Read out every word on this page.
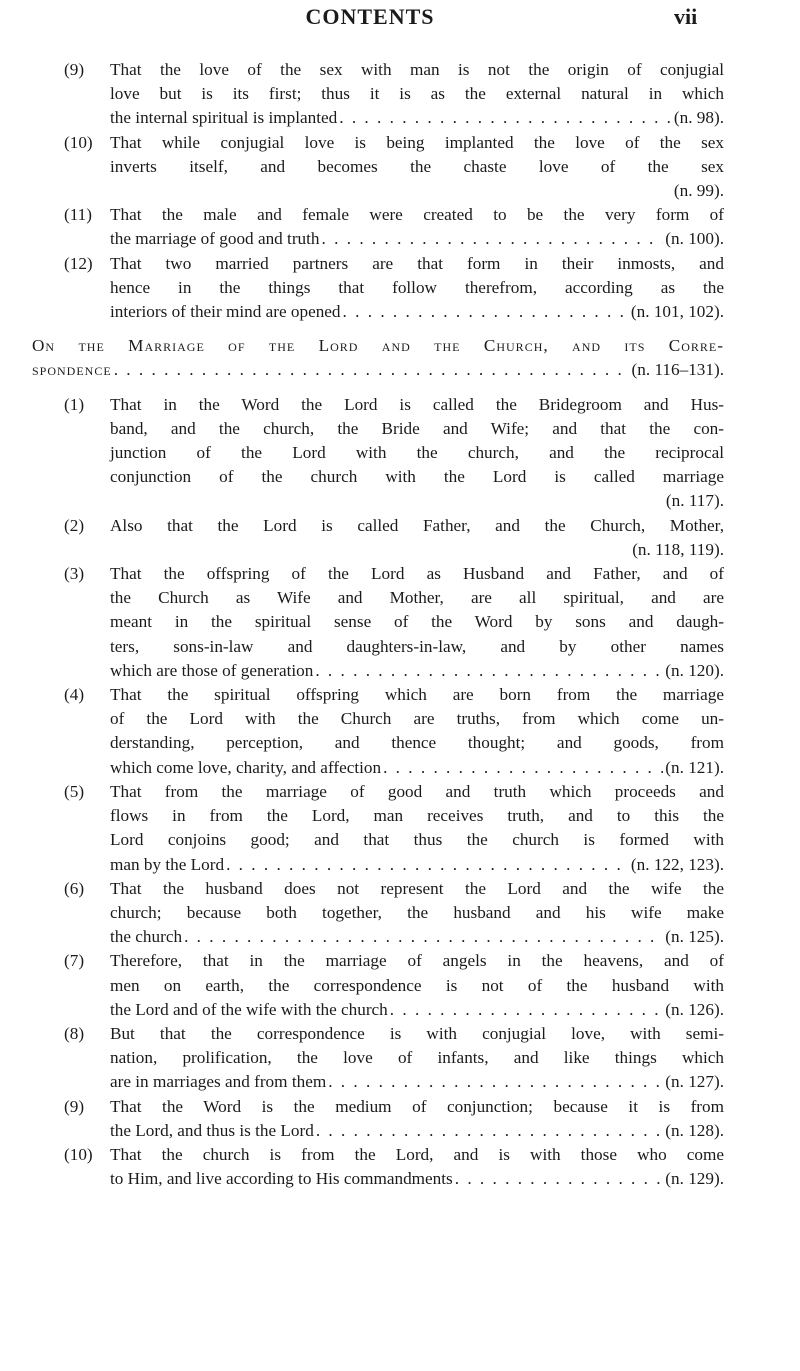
CONTENTS	vii
(9) That the love of the sex with man is not the origin of conjugial
love but is its first; thus it is as the external natural in which
the internal spiritual is implanted . . .	(n. 98).
(10) That while conjugial love is being implanted the love of the sex
inverts itself, and becomes the chaste love of the sex
(n. 99).
(11) That the male and female were created to be the very form of
the marriage of good and truth . . .	(n. 100).
(12) That two married partners are that form in their inmosts, and
hence in the things that follow therefrom, according as the
interiors of their mind are opened . . .	(n. 101, 102).
On the Marriage of the Lord and the Church, and its Corre-
spondence . . .	(n. 116–131).
(1) That in the Word the Lord is called the Bridegroom and Hus-
band, and the church, the Bride and Wife; and that the con-
junction of the Lord with the church, and the reciprocal
conjunction of the church with the Lord is called marriage
(n. 117).
(2) Also that the Lord is called Father, and the Church, Mother,
(n. 118, 119).
(3) That the offspring of the Lord as Husband and Father, and of
the Church as Wife and Mother, are all spiritual, and are
meant in the spiritual sense of the Word by sons and daugh-
ters, sons-in-law and daughters-in-law, and by other names
which are those of generation . . .	(n. 120).
(4) That the spiritual offspring which are born from the marriage
of the Lord with the Church are truths, from which come un-
derstanding, perception, and thence thought; and goods, from
which come love, charity, and affection . . .	(n. 121).
(5) That from the marriage of good and truth which proceeds and
flows in from the Lord, man receives truth, and to this the
Lord conjoins good; and that thus the church is formed with
man by the Lord . . .	(n. 122, 123).
(6) That the husband does not represent the Lord and the wife the
church; because both together, the husband and his wife make
the church . . .	(n. 125).
(7) Therefore, that in the marriage of angels in the heavens, and of
men on earth, the correspondence is not of the husband with
the Lord and of the wife with the church . . .	(n. 126).
(8) But that the correspondence is with conjugial love, with semi-
nation, prolification, the love of infants, and like things which
are in marriages and from them . . .	(n. 127).
(9) That the Word is the medium of conjunction; because it is from
the Lord, and thus is the Lord . . .	(n. 128).
(10) That the church is from the Lord, and is with those who come
to Him, and live according to His commandments . . .	(n. 129).
